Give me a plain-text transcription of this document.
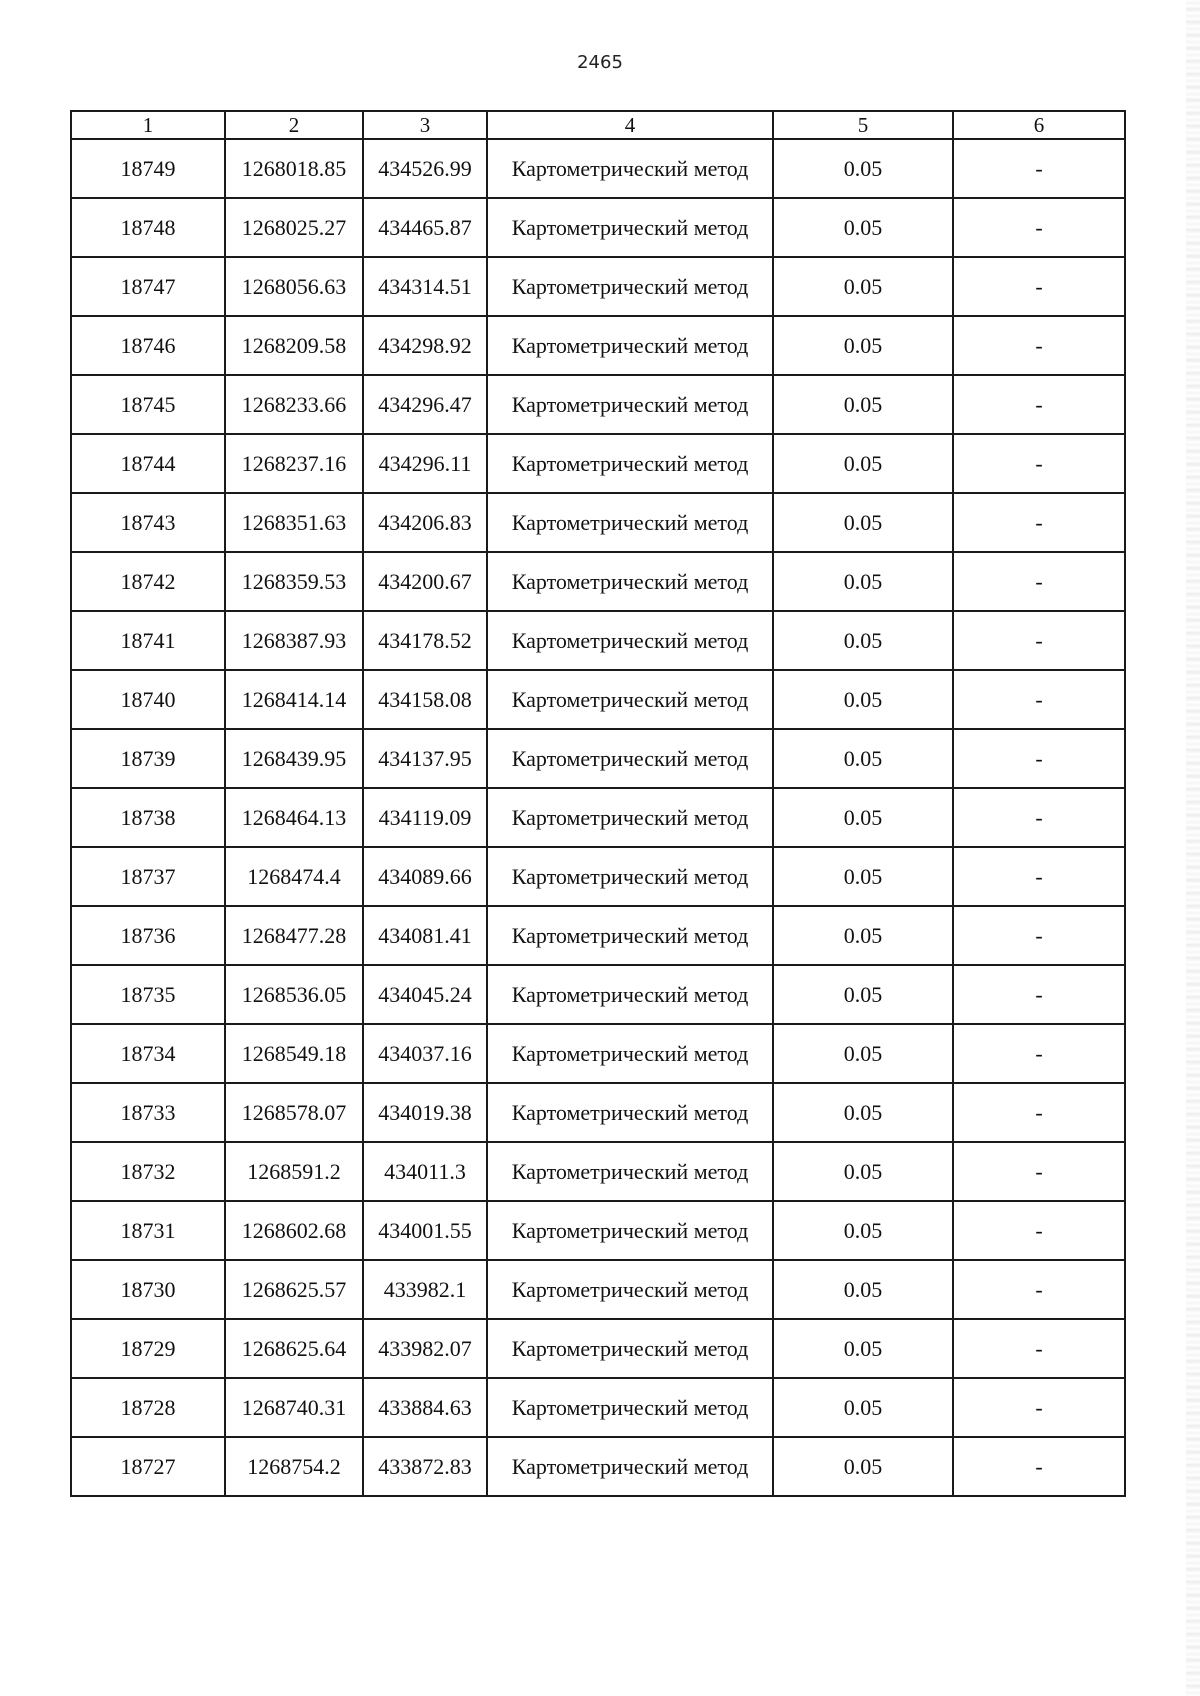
2465
1	2	3	4	5	6
18749	1268018.85	434526.99	Картометрический метод	0.05	-
18748	1268025.27	434465.87	Картометрический метод	0.05	-
18747	1268056.63	434314.51	Картометрический метод	0.05	-
18746	1268209.58	434298.92	Картометрический метод	0.05	-
18745	1268233.66	434296.47	Картометрический метод	0.05	-
18744	1268237.16	434296.11	Картометрический метод	0.05	-
18743	1268351.63	434206.83	Картометрический метод	0.05	-
18742	1268359.53	434200.67	Картометрический метод	0.05	-
18741	1268387.93	434178.52	Картометрический метод	0.05	-
18740	1268414.14	434158.08	Картометрический метод	0.05	-
18739	1268439.95	434137.95	Картометрический метод	0.05	-
18738	1268464.13	434119.09	Картометрический метод	0.05	-
18737	1268474.4	434089.66	Картометрический метод	0.05	-
18736	1268477.28	434081.41	Картометрический метод	0.05	-
18735	1268536.05	434045.24	Картометрический метод	0.05	-
18734	1268549.18	434037.16	Картометрический метод	0.05	-
18733	1268578.07	434019.38	Картометрический метод	0.05	-
18732	1268591.2	434011.3	Картометрический метод	0.05	-
18731	1268602.68	434001.55	Картометрический метод	0.05	-
18730	1268625.57	433982.1	Картометрический метод	0.05	-
18729	1268625.64	433982.07	Картометрический метод	0.05	-
18728	1268740.31	433884.63	Картометрический метод	0.05	-
18727	1268754.2	433872.83	Картометрический метод	0.05	-
